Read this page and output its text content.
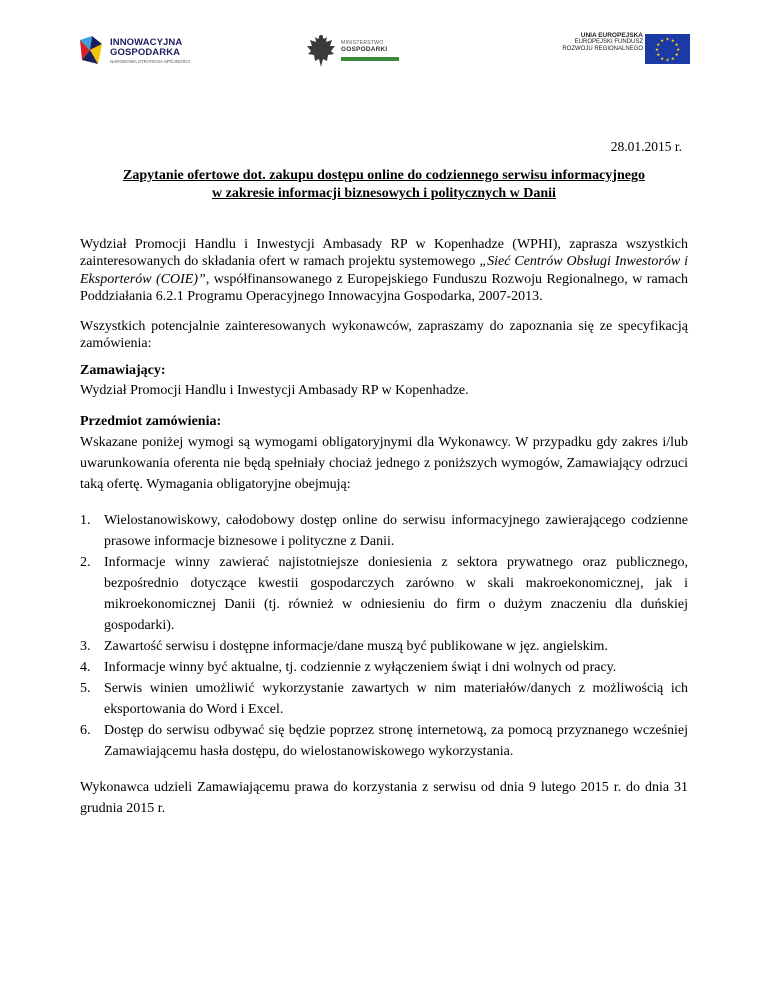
INNOWACYJNA
GOSPODARKA
NARODOWA STRATEGIA SPÓJNOŚCI
MINISTERSTWO
GOSPODARKI
UNIA EUROPEJSKA
EUROPEJSKI FUNDUSZ
ROZWOJU REGIONALNEGO
★ ★
★
★
★
★
★
★
★
★
★
★
28.01.2015 r.
Zapytanie ofertowe dot. zakupu dostępu online do codziennego serwisu informacyjnego
w zakresie informacji biznesowych i politycznych w Danii

Wydział Promocji Handlu i Inwestycji Ambasady RP w Kopenhadze (WPHI), zaprasza wszystkich zainteresowanych do składania ofert w ramach projektu systemowego „Sieć Centrów Obsługi Inwestorów i Eksporterów (COIE)”, współfinansowanego z Europejskiego Funduszu Rozwoju Regionalnego, w ramach Poddziałania 6.2.1 Programu Operacyjnego Innowacyjna Gospodarka, 2007-2013.

Wszystkich potencjalnie zainteresowanych wykonawców, zapraszamy do zapoznania się ze specyfikacją zamówienia:

Zamawiający:

Wydział Promocji Handlu i Inwestycji Ambasady RP w Kopenhadze.

Przedmiot zamówienia:

Wskazane poniżej wymogi są wymogami obligatoryjnymi dla Wykonawcy. W przypadku gdy zakres i/lub uwarunkowania oferenta nie będą spełniały chociaż jednego z poniższych wymogów, Zamawiający odrzuci taką ofertę. Wymagania obligatoryjne obejmują:

1. Wielostanowiskowy, całodobowy dostęp online do serwisu informacyjnego zawierającego codzienne prasowe informacje biznesowe i polityczne z Danii.
2. Informacje winny zawierać najistotniejsze doniesienia z sektora prywatnego oraz publicznego, bezpośrednio dotyczące kwestii gospodarczych zarówno w skali makroekonomicznej, jak i mikroekonomicznej Danii (tj. również w odniesieniu do firm o dużym znaczeniu dla duńskiej gospodarki).
3. Zawartość serwisu i dostępne informacje/dane muszą być publikowane w jęz. angielskim.
4. Informacje winny być aktualne, tj. codziennie z wyłączeniem świąt i dni wolnych od pracy.
5. Serwis winien umożliwić wykorzystanie zawartych w nim materiałów/danych z możliwością ich eksportowania do Word i Excel.
6. Dostęp do serwisu odbywać się będzie poprzez stronę internetową, za pomocą przyznanego wcześniej Zamawiającemu hasła dostępu, do wielostanowiskowego wykorzystania.

Wykonawca udzieli Zamawiającemu prawa do korzystania z serwisu od dnia 9 lutego 2015 r. do dnia 31 grudnia 2015 r.
